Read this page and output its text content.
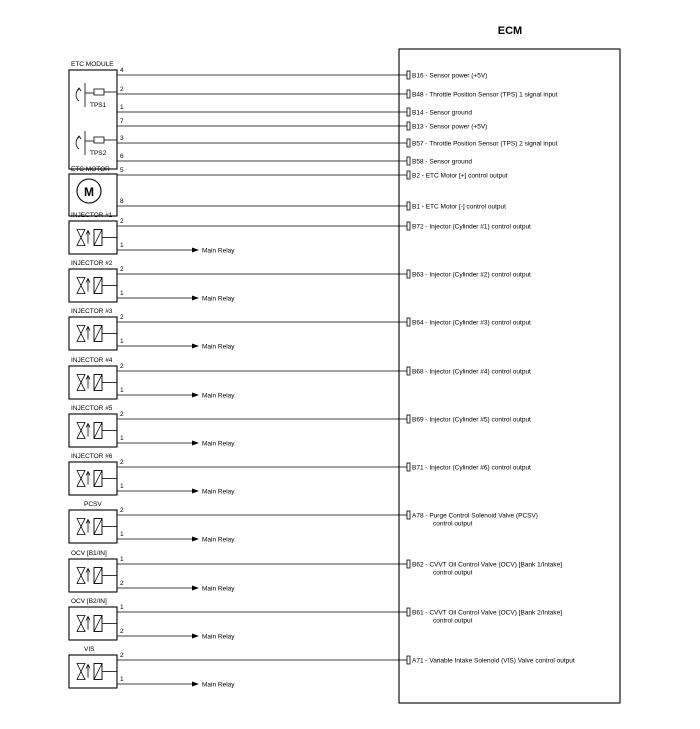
ECM
ETC MODULE
TPS1
TPS2
ETC MOTOR
M
4
B16 - Sensor power (+5V)
2
B48 - Throttle Position Sensor (TPS) 1 signal input
1
B14 - Sensor ground
7
B13 - Sensor power (+5V)
3
B57 - Throttle Position Sensor (TPS) 2 signal input
6
B58 - Sensor ground
5
B2 - ETC Motor [+] control output
8
B1 - ETC Motor [-] control output
INJECTOR #1
2
B72 - Injector (Cylinder #1) control output
1
Main Relay
INJECTOR #2
2
B63 - Injector (Cylinder #2) control output
1
Main Relay
INJECTOR #3
2
B64 - Injector (Cylinder #3) control output
1
Main Relay
INJECTOR #4
2
B68 - Injector (Cylinder #4) control output
1
Main Relay
INJECTOR #5
2
B69 - Injector (Cylinder #5) control output
1
Main Relay
INJECTOR #6
2
B71 - Injector (Cylinder #6) control output
1
Main Relay
PCSV
2
A78 - Purge Control Solenoid Valve (PCSV)
control output
1
Main Relay
OCV [B1/IN]
1
B62 - CVVT Oil Control Valve (OCV) [Bank 1/Intake]
control output
2
Main Relay
OCV [B2/IN]
1
B61 - CVVT Oil Control Valve (OCV) [Bank 2/Intake]
control output
2
Main Relay
VIS
2
A71 - Variable Intake Solenoid (VIS) Valve control output
1
Main Relay
